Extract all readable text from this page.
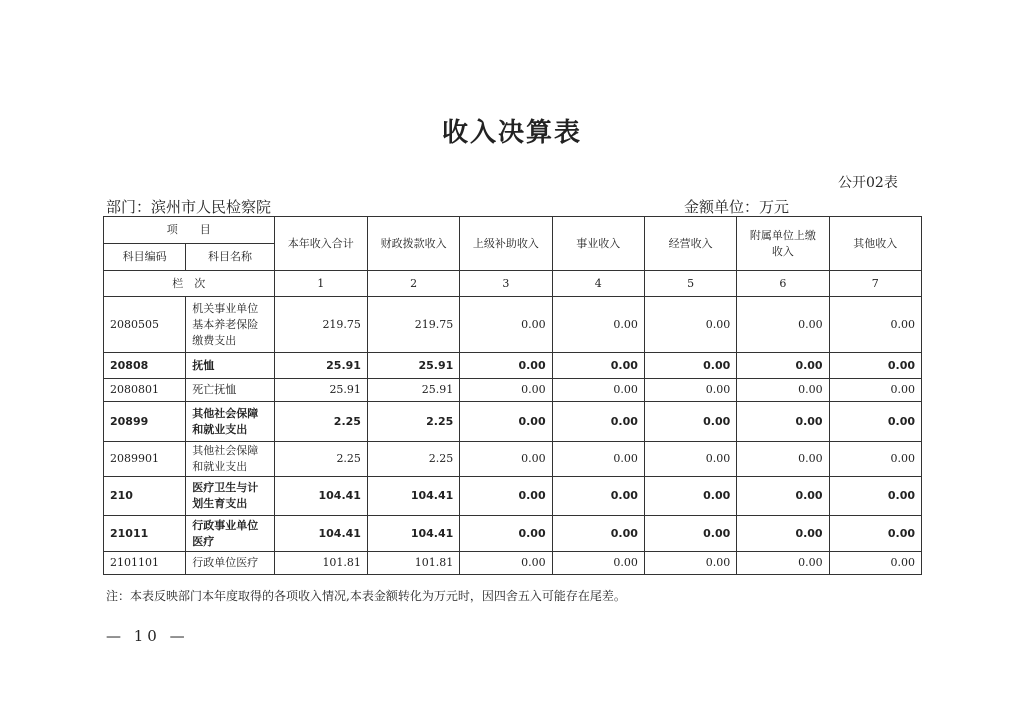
收入决算表
公开02表
部门：滨州市人民检察院	金额单位：万元
项　　目		本年收入合计	财政拨款收入	上级补助收入	事业收入	经营收入	附属单位上缴收入	其他收入
科目编码	科目名称							
栏　次		1	2	3	4	5	6	7
2080505	机关事业单位基本养老保险缴费支出	219.75	219.75	0.00	0.00	0.00	0.00	0.00
20808	抚恤	25.91	25.91	0.00	0.00	0.00	0.00	0.00
2080801	死亡抚恤	25.91	25.91	0.00	0.00	0.00	0.00	0.00
20899	其他社会保障和就业支出	2.25	2.25	0.00	0.00	0.00	0.00	0.00
2089901	其他社会保障和就业支出	2.25	2.25	0.00	0.00	0.00	0.00	0.00
210	医疗卫生与计划生育支出	104.41	104.41	0.00	0.00	0.00	0.00	0.00
21011	行政事业单位医疗	104.41	104.41	0.00	0.00	0.00	0.00	0.00
2101101	行政单位医疗	101.81	101.81	0.00	0.00	0.00	0.00	0.00
注：本表反映部门本年度取得的各项收入情况,本表金额转化为万元时，因四舍五入可能存在尾差。
— 10 —
